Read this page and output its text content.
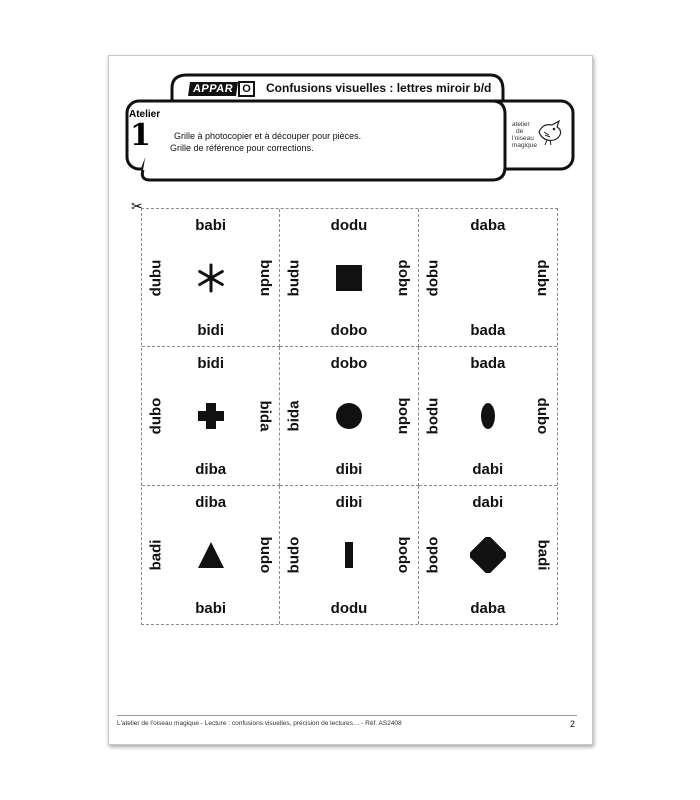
APPAR O	Confusions visuelles : lettres miroir b/d
Atelier
1	Grille à photocopier et à découper pour pièces.
Grille de référence pour corrections.
atelier
de
l'oiseau
magique
✂
babi
bidi
dubu	budu
dodu
dobo
budu	dobu
daba
bada
dobu	dubu
bidi
diba
dubo	bida
dobo
dibi
bida	bodu
bada
dabi
bodu	dubo
diba
babi
badi	budo
dibi
dodu
budo	bodo
dabi
daba
bodo	badi
L'atelier de l'oiseau magique - Lecture : confusions visuelles, précision de lectures… - Réf. AS2408	2
